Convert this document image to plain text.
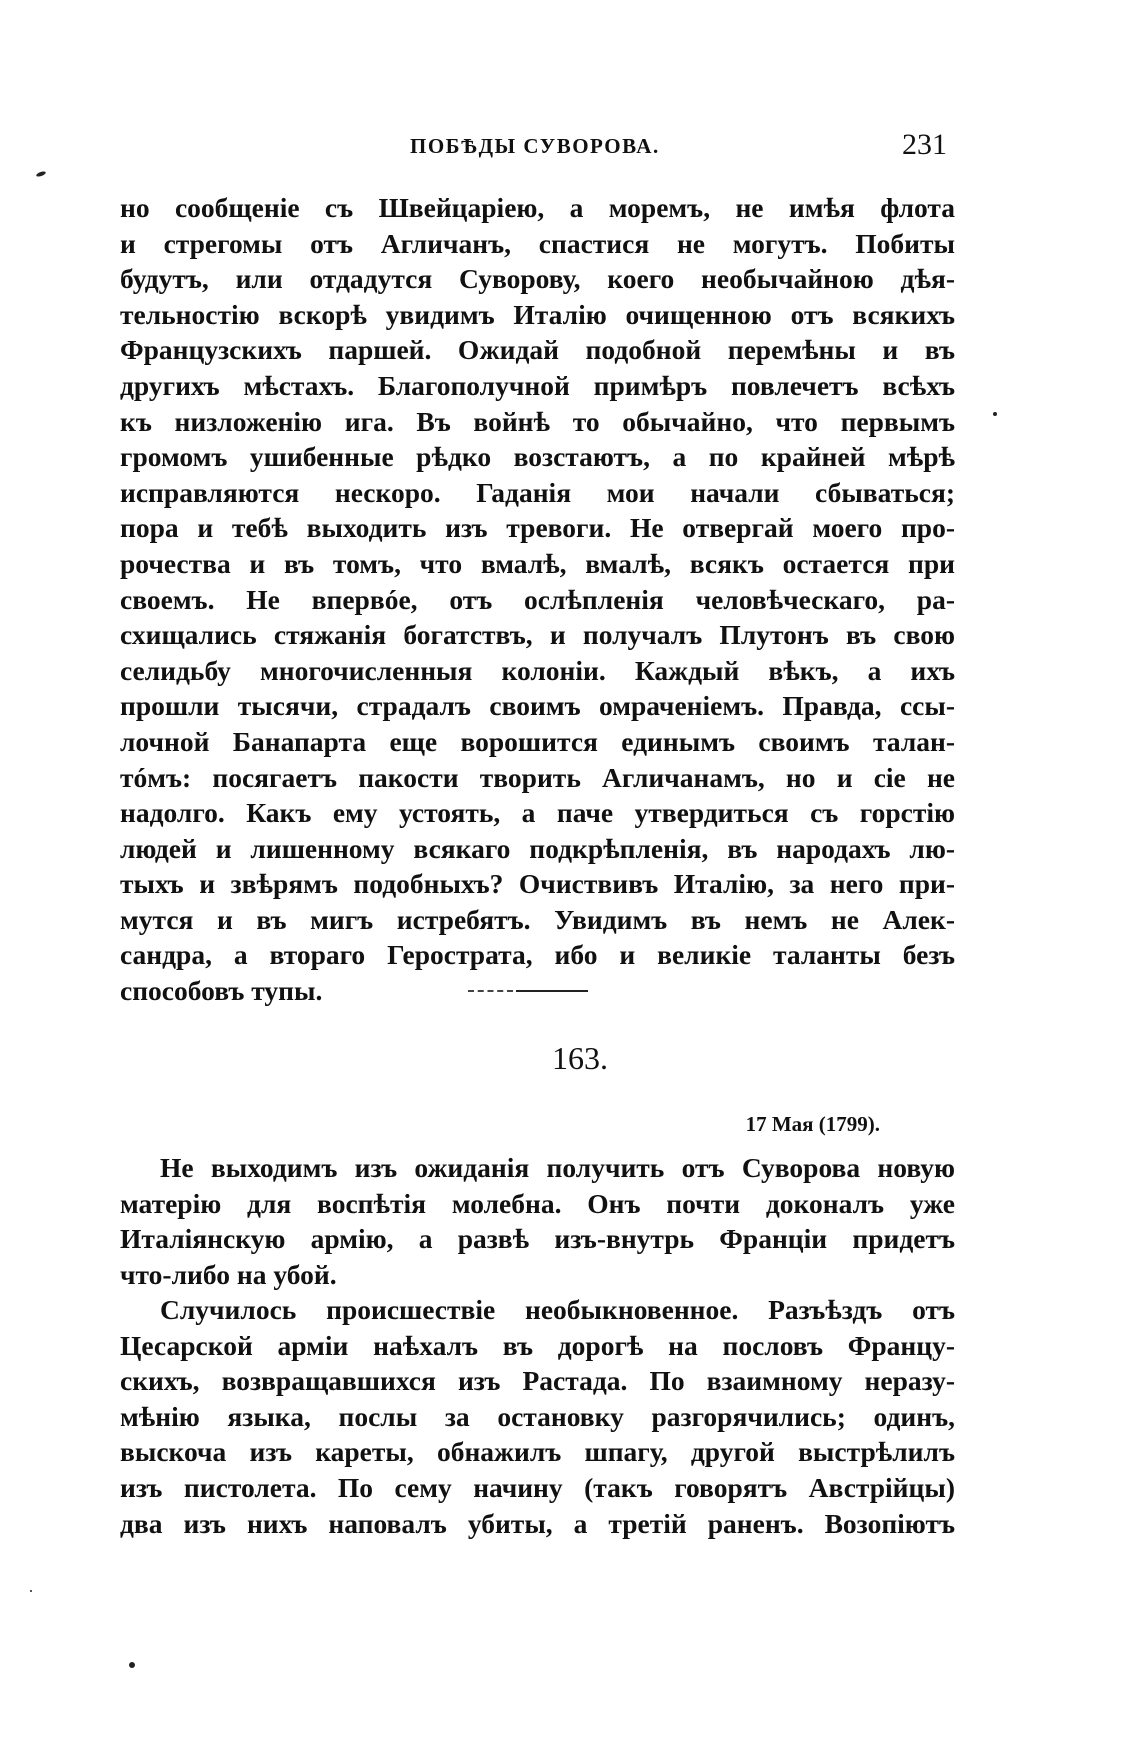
ПОБѢДЫ СУВОРОВА.	231
но сообщеніе съ Швейцаріею, а моремъ, не имѣя флота
и стрегомы отъ Агличанъ, спастися не могутъ. Побиты
будутъ, или отдадутся Суворову, коего необычайною дѣя-
тельностію вскорѣ увидимъ Италію очищенною отъ всякихъ
Французскихъ паршей. Ожидай подобной перемѣны и въ
другихъ мѣстахъ. Благополучной примѣръ повлечетъ всѣхъ
къ низложенію ига. Въ войнѣ то обычайно, что первымъ
громомъ ушибенные рѣдко возстаютъ, а по крайней мѣрѣ
исправляются нескоро. Гаданія мои начали сбываться;
пора и тебѣ выходить изъ тревоги. Не отвергай моего про-
рочества и въ томъ, что вмалѣ, вмалѣ, всякъ остается при
своемъ. Не впервóе, отъ ослѣпленія человѣческаго, ра-
схищались стяжанія богатствъ, и получалъ Плутонъ въ свою
селидьбу многочисленныя колоніи. Каждый вѣкъ, а ихъ
прошли тысячи, страдалъ своимъ омраченіемъ. Правда, ссы-
лочной Банапарта еще ворошится единымъ своимъ талан-
тóмъ: посягаетъ пакости творить Агличанамъ, но и сіе не
надолго. Какъ ему устоять, а паче утвердиться съ горстію
людей и лишенному всякаго подкрѣпленія, въ народахъ лю-
тыхъ и звѣрямъ подобныхъ? Очиствивъ Италію, за него при-
мутся и въ мигъ истребятъ. Увидимъ въ немъ не Алек-
сандра, а втораго Герострата, ибо и великіе таланты безъ
способовъ тупы.
163.
17 Мая (1799).
Не выходимъ изъ ожиданія получить отъ Суворова новую
матерію для воспѣтія молебна. Онъ почти доконалъ уже
Италіянскую армію, а развѣ изъ-внутрь Франціи придетъ
что-либо на убой.
Случилось происшествіе необыкновенное. Разъѣздъ отъ
Цесарской арміи наѣхалъ въ дорогѣ на пословъ Францу-
скихъ, возвращавшихся изъ Растада. По взаимному неразу-
мѣнію языка, послы за остановку разгорячились; одинъ,
выскоча изъ кареты, обнажилъ шпагу, другой выстрѣлилъ
изъ пистолета. По сему начину (такъ говорятъ Австрійцы)
два изъ нихъ наповалъ убиты, а третій раненъ. Возопіютъ
